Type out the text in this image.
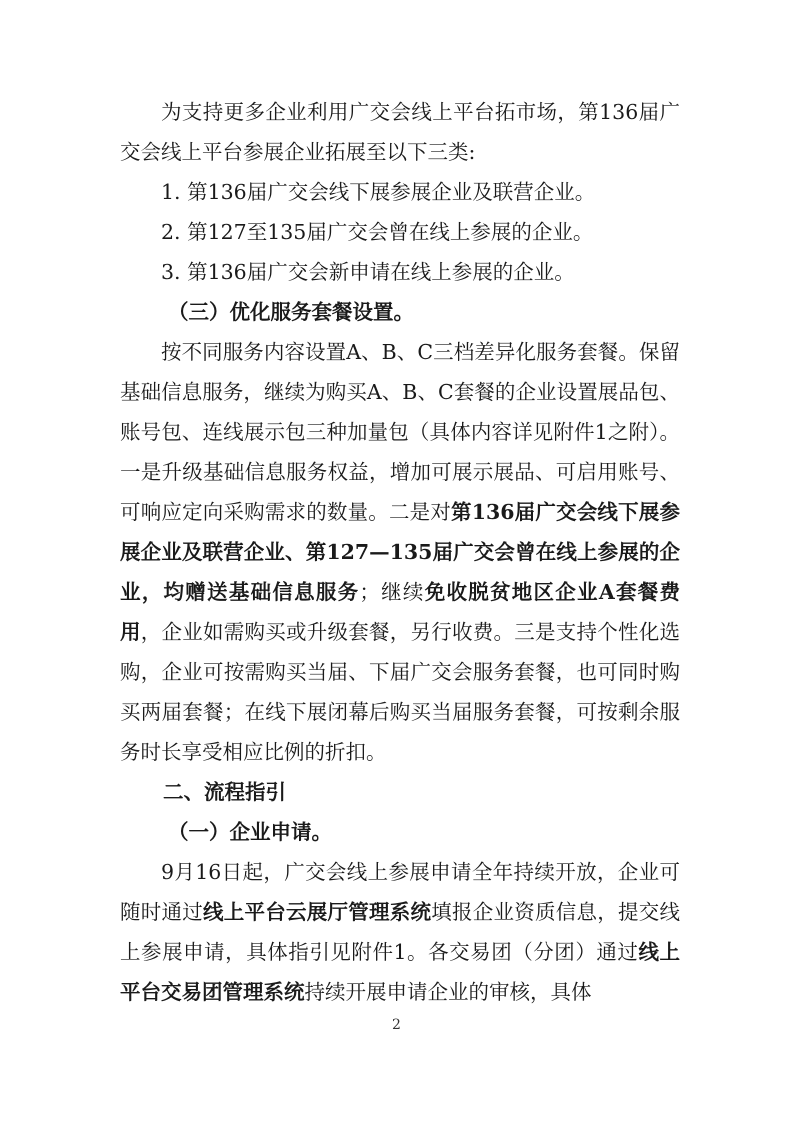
为支持更多企业利用广交会线上平台拓市场，第136届广交会线上平台参展企业拓展至以下三类:

1. 第136届广交会线下展参展企业及联营企业。

2. 第127至135届广交会曾在线上参展的企业。

3. 第136届广交会新申请在线上参展的企业。

（三）优化服务套餐设置。

按不同服务内容设置A、B、C三档差异化服务套餐。保留基础信息服务，继续为购买A、B、C套餐的企业设置展品包、账号包、连线展示包三种加量包（具体内容详见附件1之附）。一是升级基础信息服务权益，增加可展示展品、可启用账号、可响应定向采购需求的数量。二是对第136届广交会线下展参展企业及联营企业、第127—135届广交会曾在线上参展的企业，均赠送基础信息服务；继续免收脱贫地区企业A套餐费用，企业如需购买或升级套餐，另行收费。三是支持个性化选购，企业可按需购买当届、下届广交会服务套餐，也可同时购买两届套餐；在线下展闭幕后购买当届服务套餐，可按剩余服务时长享受相应比例的折扣。

二、流程指引

（一）企业申请。

9月16日起，广交会线上参展申请全年持续开放，企业可随时通过线上平台云展厅管理系统填报企业资质信息，提交线上参展申请，具体指引见附件1。各交易团（分团）通过线上平台交易团管理系统持续开展申请企业的审核，具体

2
